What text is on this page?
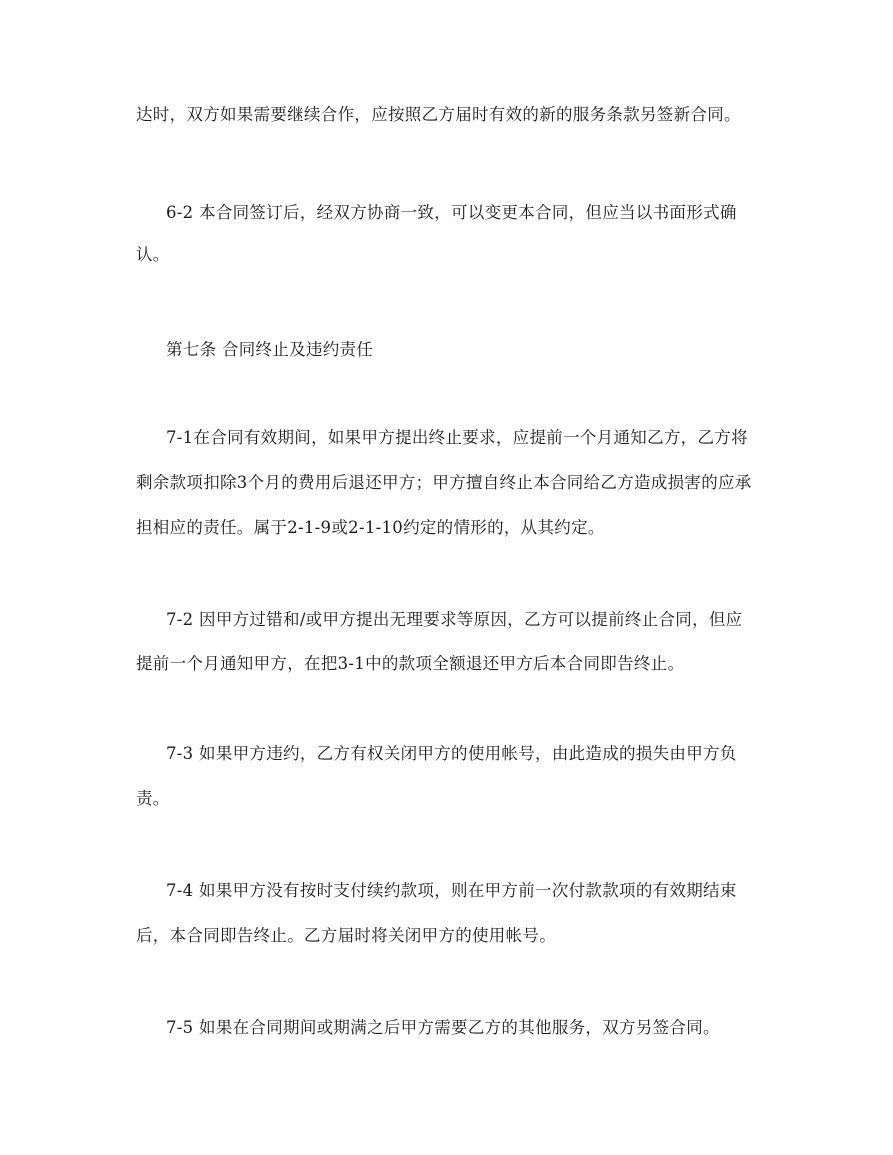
达时，双方如果需要继续合作，应按照乙方届时有效的新的服务条款另签新合同。

6-2 本合同签订后，经双方协商一致，可以变更本合同，但应当以书面形式确

认。

第七条 合同终止及违约责任

7-1在合同有效期间，如果甲方提出终止要求，应提前一个月通知乙方，乙方将

剩余款项扣除3个月的费用后退还甲方；甲方擅自终止本合同给乙方造成损害的应承

担相应的责任。属于2-1-9或2-1-10约定的情形的，从其约定。

7-2 因甲方过错和/或甲方提出无理要求等原因，乙方可以提前终止合同，但应

提前一个月通知甲方，在把3-1中的款项全额退还甲方后本合同即告终止。

7-3 如果甲方违约，乙方有权关闭甲方的使用帐号，由此造成的损失由甲方负

责。

7-4 如果甲方没有按时支付续约款项，则在甲方前一次付款款项的有效期结束

后，本合同即告终止。乙方届时将关闭甲方的使用帐号。

7-5 如果在合同期间或期满之后甲方需要乙方的其他服务，双方另签合同。
